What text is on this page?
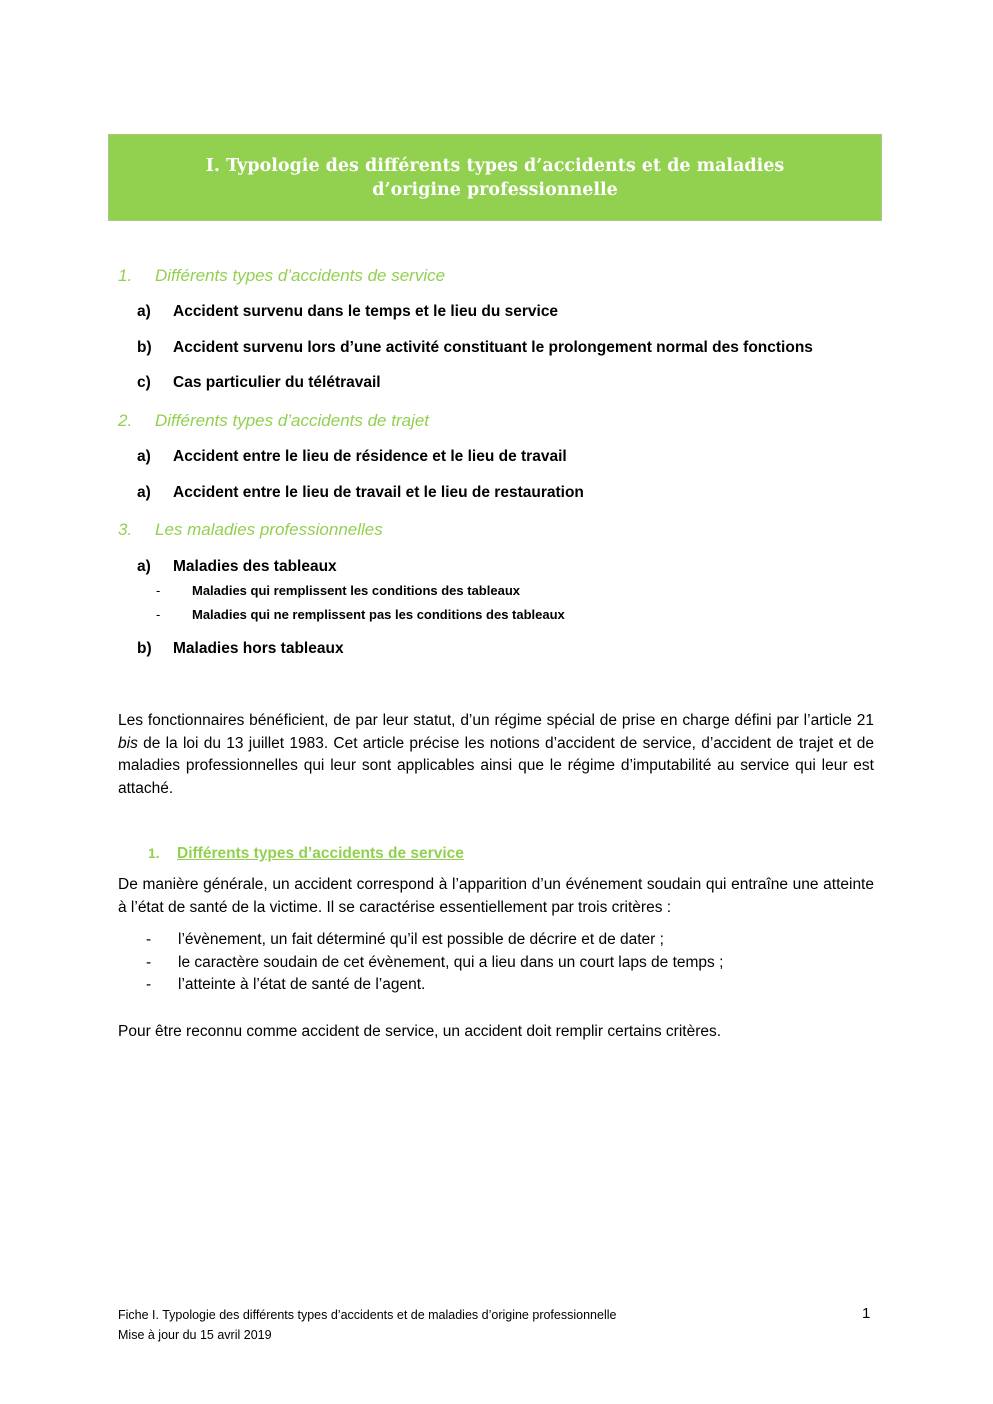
I. Typologie des différents types d’accidents et de maladies d’origine professionnelle
1. Différents types d’accidents de service
a) Accident survenu dans le temps et le lieu du service
b) Accident survenu lors d’une activité constituant le prolongement normal des fonctions
c) Cas particulier du télétravail
2. Différents types d’accidents de trajet
a) Accident entre le lieu de résidence et le lieu de travail
a) Accident entre le lieu de travail et le lieu de restauration
3. Les maladies professionnelles
a) Maladies des tableaux
- Maladies qui remplissent les conditions des tableaux
- Maladies qui ne remplissent pas les conditions des tableaux
b) Maladies hors tableaux

Les fonctionnaires bénéficient, de par leur statut, d’un régime spécial de prise en charge défini par l’article 21 bis de la loi du 13 juillet 1983. Cet article précise les notions d’accident de service, d’accident de trajet et de maladies professionnelles qui leur sont applicables ainsi que le régime d’imputabilité au service qui leur est attaché.

1. Différents types d’accidents de service

De manière générale, un accident correspond à l’apparition d’un événement soudain qui entraîne une atteinte à l’état de santé de la victime. Il se caractérise essentiellement par trois critères :

- l’évènement, un fait déterminé qu’il est possible de décrire et de dater ;
- le caractère soudain de cet évènement, qui a lieu dans un court laps de temps ;
- l’atteinte à l’état de santé de l’agent.

Pour être reconnu comme accident de service, un accident doit remplir certains critères.

Fiche I. Typologie des différents types d’accidents et de maladies d’origine professionnelle
Mise à jour du 15 avril 2019
1
